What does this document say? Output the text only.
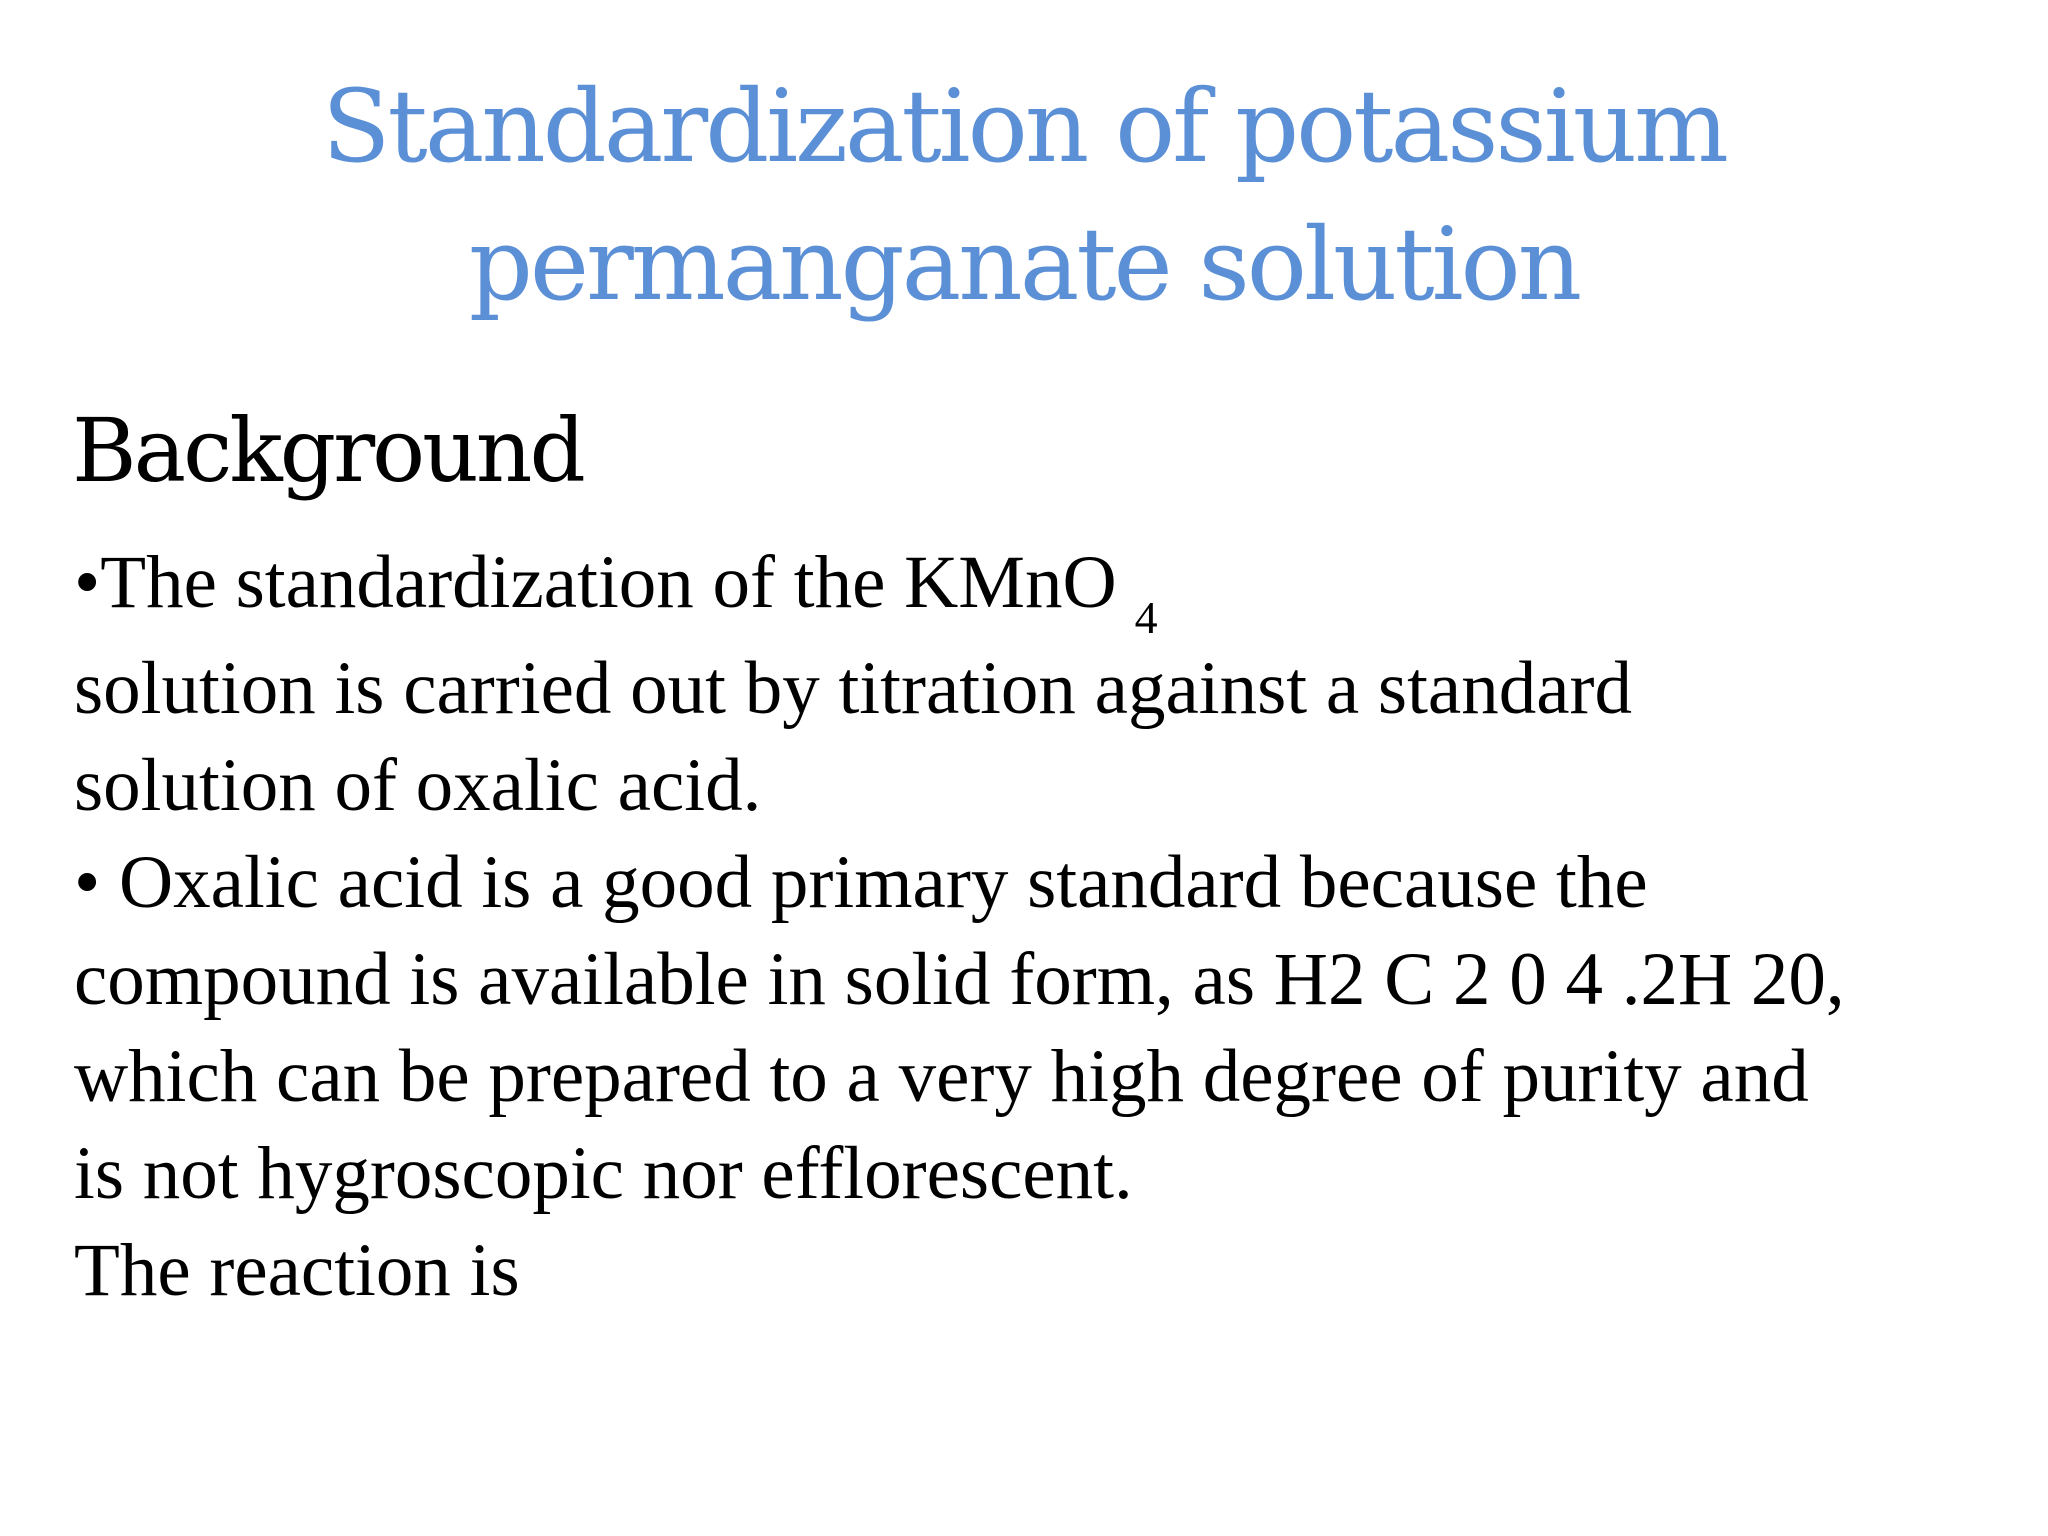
Standardization of potassium
permanganate solution
Background
•The standardization of the KMnO $_4$
solution is carried out by titration against a standard
solution of oxalic acid.
• Oxalic acid is a good primary standard because the
compound is available in solid form, as H2 C 2 0 4 .2H 20,
which can be prepared to a very high degree of purity and
is not hygroscopic nor efflorescent.
The reaction is
